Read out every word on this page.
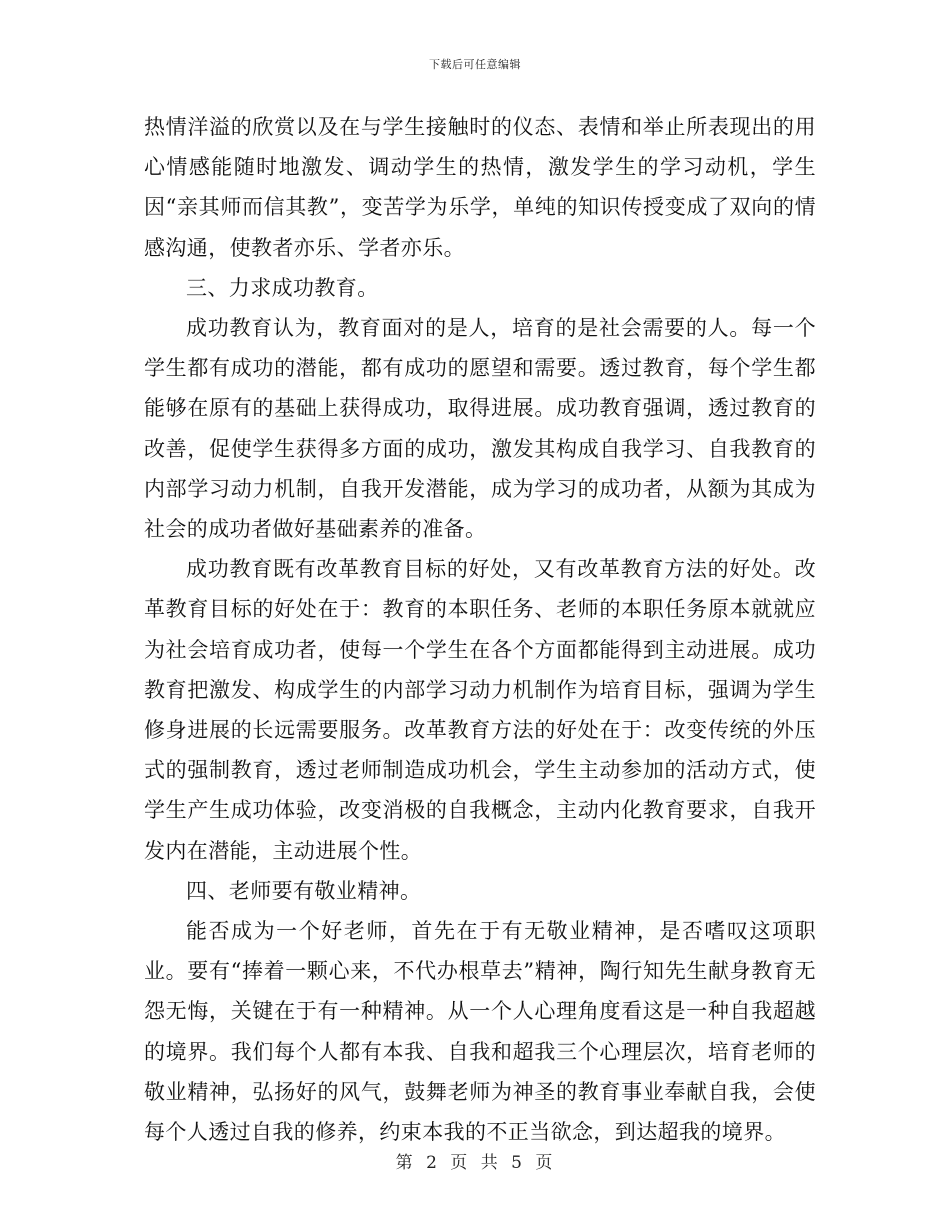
下载后可任意编辑

热情洋溢的欣赏以及在与学生接触时的仪态、表情和举止所表现出的用心情感能随时地激发、调动学生的热情，激发学生的学习动机，学生因“亲其师而信其教”，变苦学为乐学，单纯的知识传授变成了双向的情感沟通，使教者亦乐、学者亦乐。

三、力求成功教育。

成功教育认为，教育面对的是人，培育的是社会需要的人。每一个学生都有成功的潜能，都有成功的愿望和需要。透过教育，每个学生都能够在原有的基础上获得成功，取得进展。成功教育强调，透过教育的改善，促使学生获得多方面的成功，激发其构成自我学习、自我教育的内部学习动力机制，自我开发潜能，成为学习的成功者，从额为其成为社会的成功者做好基础素养的准备。

成功教育既有改革教育目标的好处，又有改革教育方法的好处。改革教育目标的好处在于：教育的本职任务、老师的本职任务原本就就应为社会培育成功者，使每一个学生在各个方面都能得到主动进展。成功教育把激发、构成学生的内部学习动力机制作为培育目标，强调为学生修身进展的长远需要服务。改革教育方法的好处在于：改变传统的外压式的强制教育，透过老师制造成功机会，学生主动参加的活动方式，使学生产生成功体验，改变消极的自我概念，主动内化教育要求，自我开发内在潜能，主动进展个性。

四、老师要有敬业精神。

能否成为一个好老师，首先在于有无敬业精神，是否嗜叹这项职业。要有“捧着一颗心来，不代办根草去”精神，陶行知先生献身教育无怨无悔，关键在于有一种精神。从一个人心理角度看这是一种自我超越的境界。我们每个人都有本我、自我和超我三个心理层次，培育老师的敬业精神，弘扬好的风气，鼓舞老师为神圣的教育事业奉献自我，会使每个人透过自我的修养，约束本我的不正当欲念，到达超我的境界。

第 2 页 共 5 页
